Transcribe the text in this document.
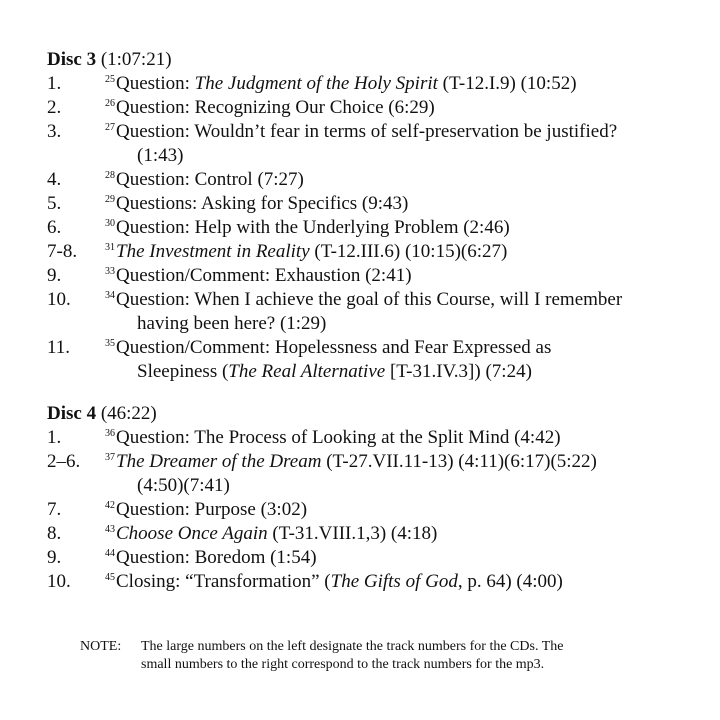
Disc 3 (1:07:21)
1.	$^{25}$Question: The Judgment of the Holy Spirit (T-12.I.9) (10:52)
2.	$^{26}$Question: Recognizing Our Choice (6:29)
3.	$^{27}$Question: Wouldn’t fear in terms of self-preservation be justified?
(1:43)
4.	$^{28}$Question: Control (7:27)
5.	$^{29}$Questions: Asking for Specifics (9:43)
6.	$^{30}$Question: Help with the Underlying Problem (2:46)
7-8.	$^{31}$The Investment in Reality (T-12.III.6) (10:15)(6:27)
9.	$^{33}$Question/Comment: Exhaustion (2:41)
10.	$^{34}$Question: When I achieve the goal of this Course, will I remember
having been here? (1:29)
11.	$^{35}$Question/Comment: Hopelessness and Fear Expressed as
Sleepiness (The Real Alternative [T-31.IV.3]) (7:24)
Disc 4 (46:22)
1.	$^{36}$Question: The Process of Looking at the Split Mind (4:42)
2–6. $^{37}$The Dreamer of the Dream (T-27.VII.11-13) (4:11)(6:17)(5:22)
(4:50)(7:41)
7.	$^{42}$Question: Purpose (3:02)
8.	$^{43}$Choose Once Again (T-31.VIII.1,3) (4:18)
9.	$^{44}$Question: Boredom (1:54)
10.	$^{45}$Closing: “Transformation” (The Gifts of God, p. 64) (4:00)
NOTE: The large numbers on the left designate the track numbers for the CDs. The
small numbers to the right correspond to the track numbers for the mp3.
